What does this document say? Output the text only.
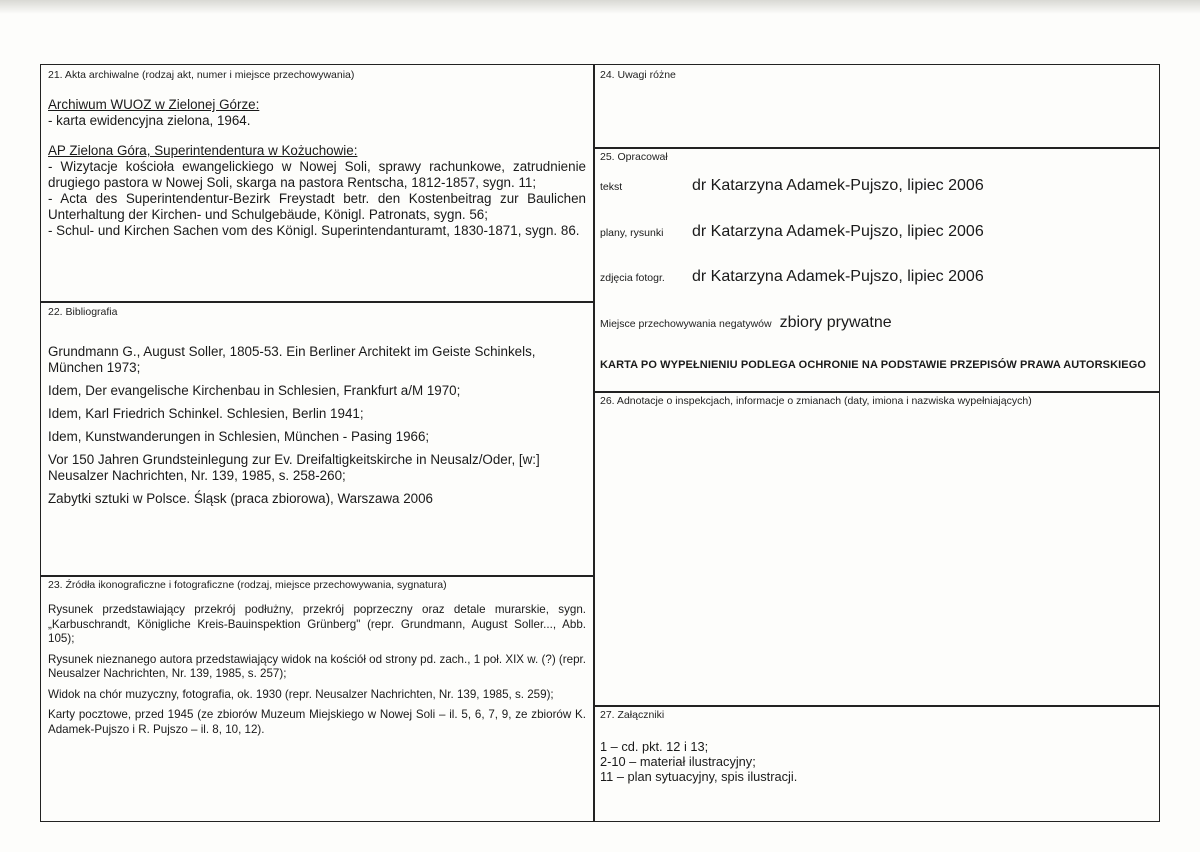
21. Akta archiwalne (rodzaj akt, numer i miejsce przechowywania)

Archiwum WUOZ w Zielonej Górze:

- karta ewidencyjna zielona, 1964.

AP Zielona Góra, Superintendentura w Kożuchowie:

- Wizytacje kościoła ewangelickiego w Nowej Soli, sprawy rachunkowe, zatrudnienie drugiego pastora w Nowej Soli, skarga na pastora Rentscha, 1812-1857, sygn. 11;

- Acta des Superintendentur-Bezirk Freystadt betr. den Kostenbeitrag zur Baulichen Unterhaltung der Kirchen- und Schulgebäude, Königl. Patronats, sygn. 56;

- Schul- und Kirchen Sachen vom des Königl. Superintendanturamt, 1830-1871, sygn. 86.

22. Bibliografia

Grundmann G., August Soller, 1805-53. Ein Berliner Architekt im Geiste Schinkels, München 1973;

Idem, Der evangelische Kirchenbau in Schlesien, Frankfurt a/M 1970;

Idem, Karl Friedrich Schinkel. Schlesien, Berlin 1941;

Idem, Kunstwanderungen in Schlesien, München - Pasing 1966;

Vor 150 Jahren Grundsteinlegung zur Ev. Dreifaltigkeitskirche in Neusalz/Oder, [w:] Neusalzer Nachrichten, Nr. 139, 1985, s. 258-260;

Zabytki sztuki w Polsce. Śląsk (praca zbiorowa), Warszawa 2006

23. Źródła ikonograficzne i fotograficzne (rodzaj, miejsce przechowywania, sygnatura)

Rysunek przedstawiający przekrój podłużny, przekrój poprzeczny oraz detale murarskie, sygn. „Karbuschrandt, Königliche Kreis-Bauinspektion Grünberg" (repr. Grundmann, August Soller..., Abb. 105);

Rysunek nieznanego autora przedstawiający widok na kościół od strony pd. zach., 1 poł. XIX w. (?) (repr. Neusalzer Nachrichten, Nr. 139, 1985, s. 257);

Widok na chór muzyczny, fotografia, ok. 1930 (repr. Neusalzer Nachrichten, Nr. 139, 1985, s. 259);

Karty pocztowe, przed 1945 (ze zbiorów Muzeum Miejskiego w Nowej Soli – il. 5, 6, 7, 9, ze zbiorów K. Adamek-Pujszo i R. Pujszo – il. 8, 10, 12).

24. Uwagi różne
25. Opracował
tekst	dr Katarzyna Adamek-Pujszo, lipiec 2006
plany, rysunki	dr Katarzyna Adamek-Pujszo, lipiec 2006
zdjęcia fotogr.	dr Katarzyna Adamek-Pujszo, lipiec 2006
Miejsce przechowywania negatywów zbiory prywatne
KARTA PO WYPEŁNIENIU PODLEGA OCHRONIE NA PODSTAWIE PRZEPISÓW PRAWA AUTORSKIEGO
26. Adnotacje o inspekcjach, informacje o zmianach (daty, imiona i nazwiska wypełniających)
27. Załączniki

1 – cd. pkt. 12 i 13;

2-10 – materiał ilustracyjny;

11 – plan sytuacyjny, spis ilustracji.
